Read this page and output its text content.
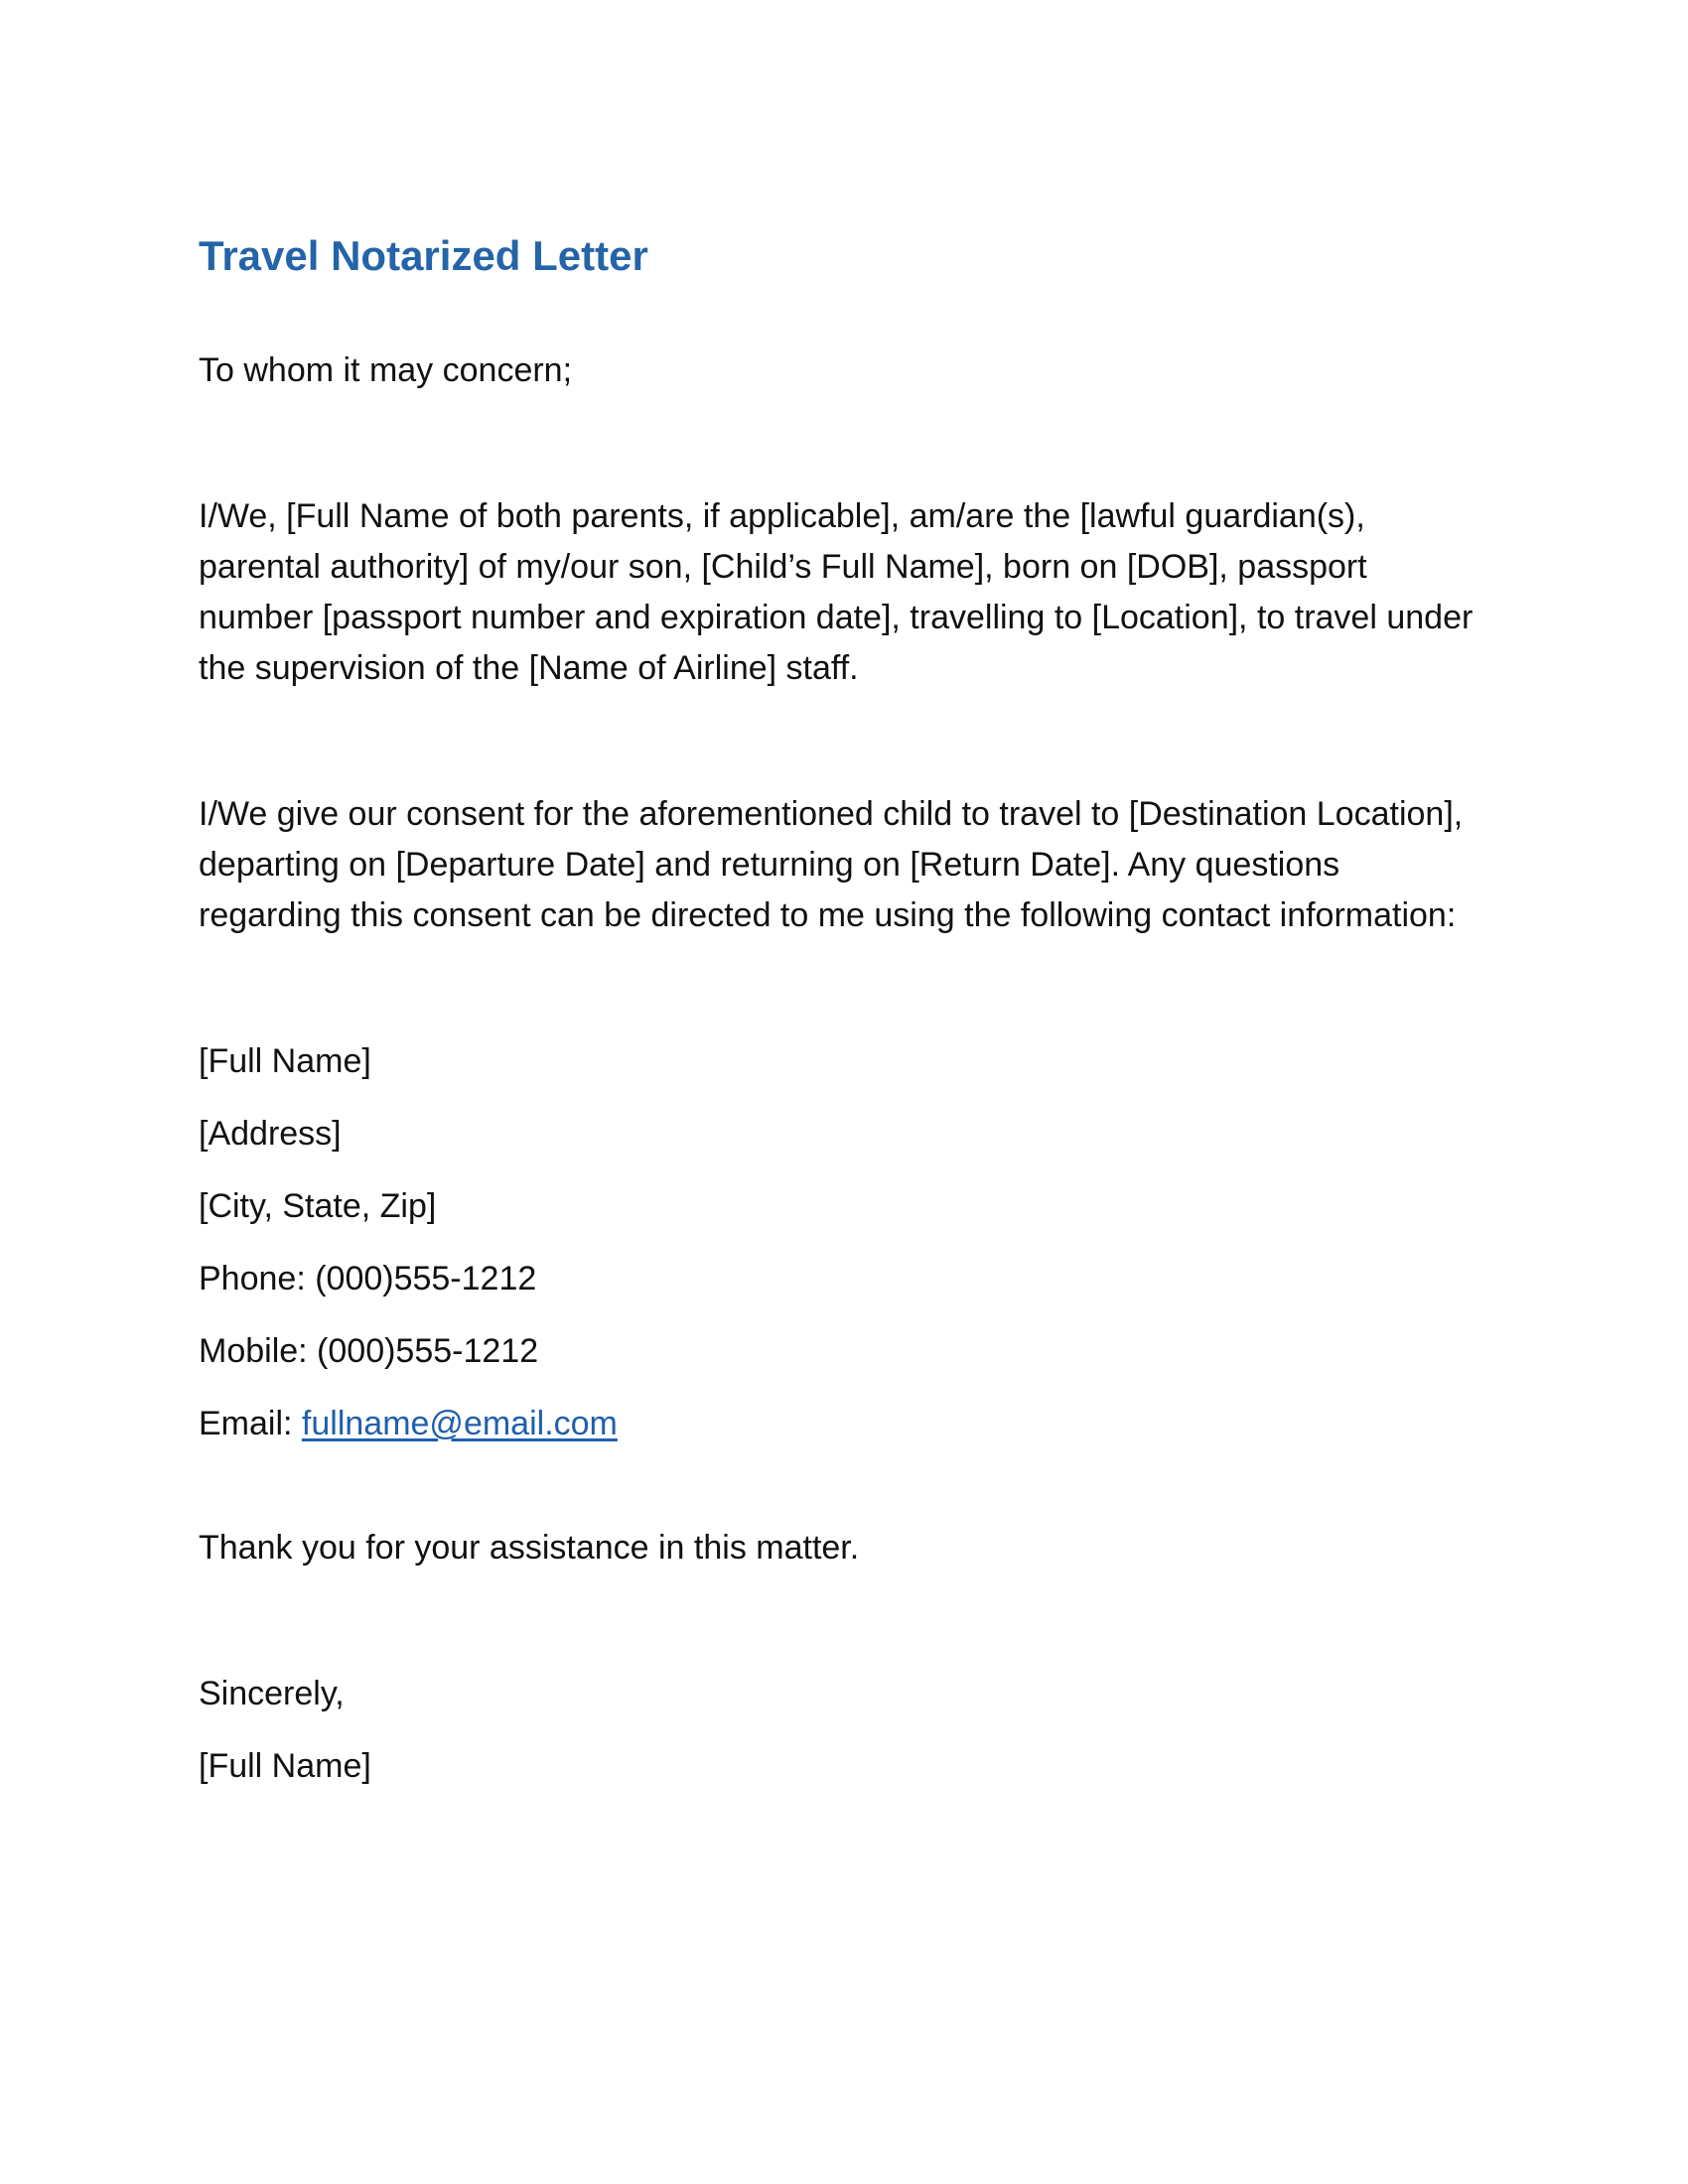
Travel Notarized Letter

To whom it may concern;

I/We, [Full Name of both parents, if applicable], am/are the [lawful guardian(s), parental authority] of my/our son, [Child’s Full Name], born on [DOB], passport number [passport number and expiration date], travelling to [Location], to travel under the supervision of the [Name of Airline] staff.

I/We give our consent for the aforementioned child to travel to [Destination Location], departing on [Departure Date] and returning on [Return Date]. Any questions regarding this consent can be directed to me using the following contact information:

[Full Name]

[Address]

[City, State, Zip]

Phone: (000)555-1212

Mobile: (000)555-1212

Email: fullname@email.com

Thank you for your assistance in this matter.

Sincerely,

[Full Name]
